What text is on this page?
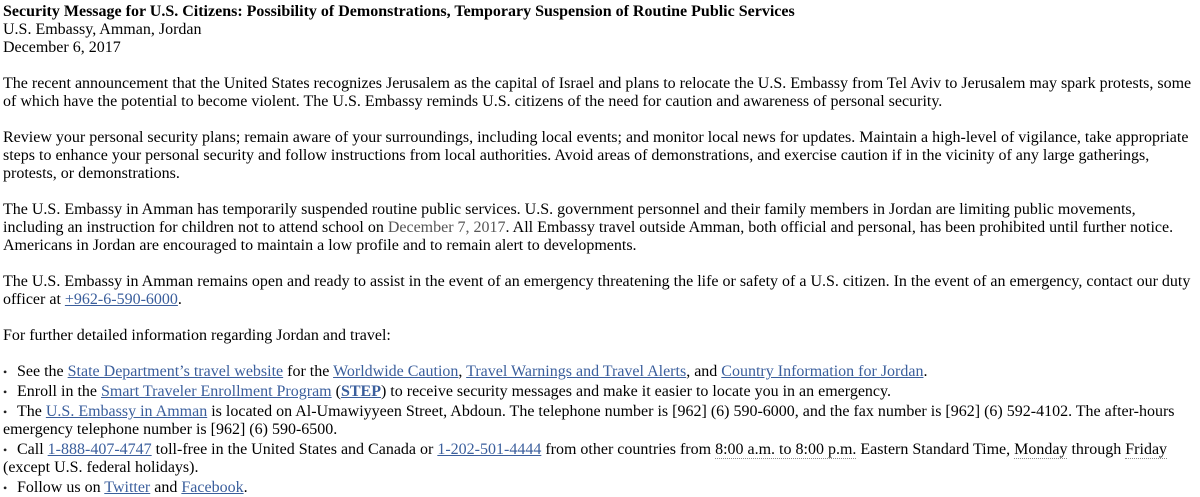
Security Message for U.S. Citizens: Possibility of Demonstrations, Temporary Suspension of Routine Public Services
U.S. Embassy, Amman, Jordan
December 6, 2017

The recent announcement that the United States recognizes Jerusalem as the capital of Israel and plans to relocate the U.S. Embassy from Tel Aviv to Jerusalem may spark protests, some of which have the potential to become violent. The U.S. Embassy reminds U.S. citizens of the need for caution and awareness of personal security.

Review your personal security plans; remain aware of your surroundings, including local events; and monitor local news for updates. Maintain a high-level of vigilance, take appropriate steps to enhance your personal security and follow instructions from local authorities. Avoid areas of demonstrations, and exercise caution if in the vicinity of any large gatherings, protests, or demonstrations.

The U.S. Embassy in Amman has temporarily suspended routine public services. U.S. government personnel and their family members in Jordan are limiting public movements, including an instruction for children not to attend school on December 7, 2017. All Embassy travel outside Amman, both official and personal, has been prohibited until further notice. Americans in Jordan are encouraged to maintain a low profile and to remain alert to developments.

The U.S. Embassy in Amman remains open and ready to assist in the event of an emergency threatening the life or safety of a U.S. citizen. In the event of an emergency, contact our duty officer at +962-6-590-6000.

For further detailed information regarding Jordan and travel:

• See the State Department’s travel website for the Worldwide Caution, Travel Warnings and Travel Alerts, and Country Information for Jordan.
• Enroll in the Smart Traveler Enrollment Program (STEP) to receive security messages and make it easier to locate you in an emergency.
• The U.S. Embassy in Amman is located on Al-Umawiyyeen Street, Abdoun. The telephone number is [962] (6) 590-6000, and the fax number is [962] (6) 592-4102. The after-hours emergency telephone number is [962] (6) 590-6500.
• Call 1-888-407-4747 toll-free in the United States and Canada or 1-202-501-4444 from other countries from 8:00 a.m. to 8:00 p.m. Eastern Standard Time, Monday through Friday (except U.S. federal holidays).
• Follow us on Twitter and Facebook.
